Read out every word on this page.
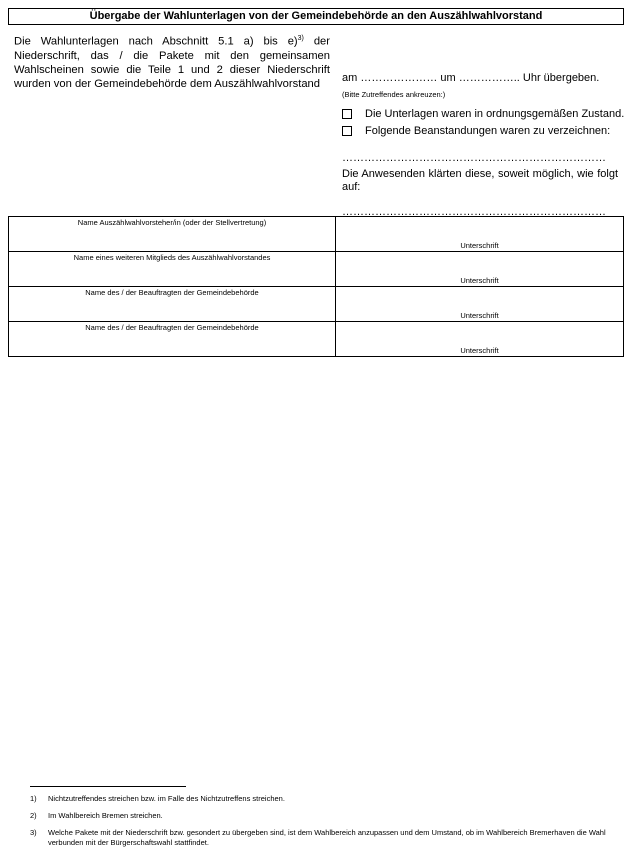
Übergabe der Wahlunterlagen von der Gemeindebehörde an den Auszählwahlvorstand
Die Wahlunterlagen nach Abschnitt 5.1 a) bis e)$^{3)}$ der Niederschrift, das / die Pakete mit den gemeinsamen Wahlscheinen sowie die Teile 1 und 2 dieser Niederschrift wurden von der Gemeindebehörde dem Auszählwahlvorstand	am ………………… um …………….. Uhr übergeben.
(Bitte Zutreffendes ankreuzen:)
Die Unterlagen waren in ordnungsgemäßen Zustand.
Folgende Beanstandungen waren zu verzeichnen:
………………………………………………………………
Die Anwesenden klärten diese, soweit möglich, wie folgt auf:
………………………………………………………………
Name Auszählwahlvorsteher/in (oder der Stellvertretung)	Unterschrift
Name eines weiteren Mitglieds des Auszählwahlvorstandes	Unterschrift
Name des / der Beauftragten der Gemeindebehörde	Unterschrift
Name des / der Beauftragten der Gemeindebehörde	Unterschrift
1) Nichtzutreffendes streichen bzw. im Falle des Nichtzutreffens streichen.
2) Im Wahlbereich Bremen streichen.
3) Welche Pakete mit der Niederschrift bzw. gesondert zu übergeben sind, ist dem Wahlbereich anzupassen und dem Umstand, ob im Wahlbereich Bremerhaven die Wahl verbunden mit der Bürgerschaftswahl stattfindet.
